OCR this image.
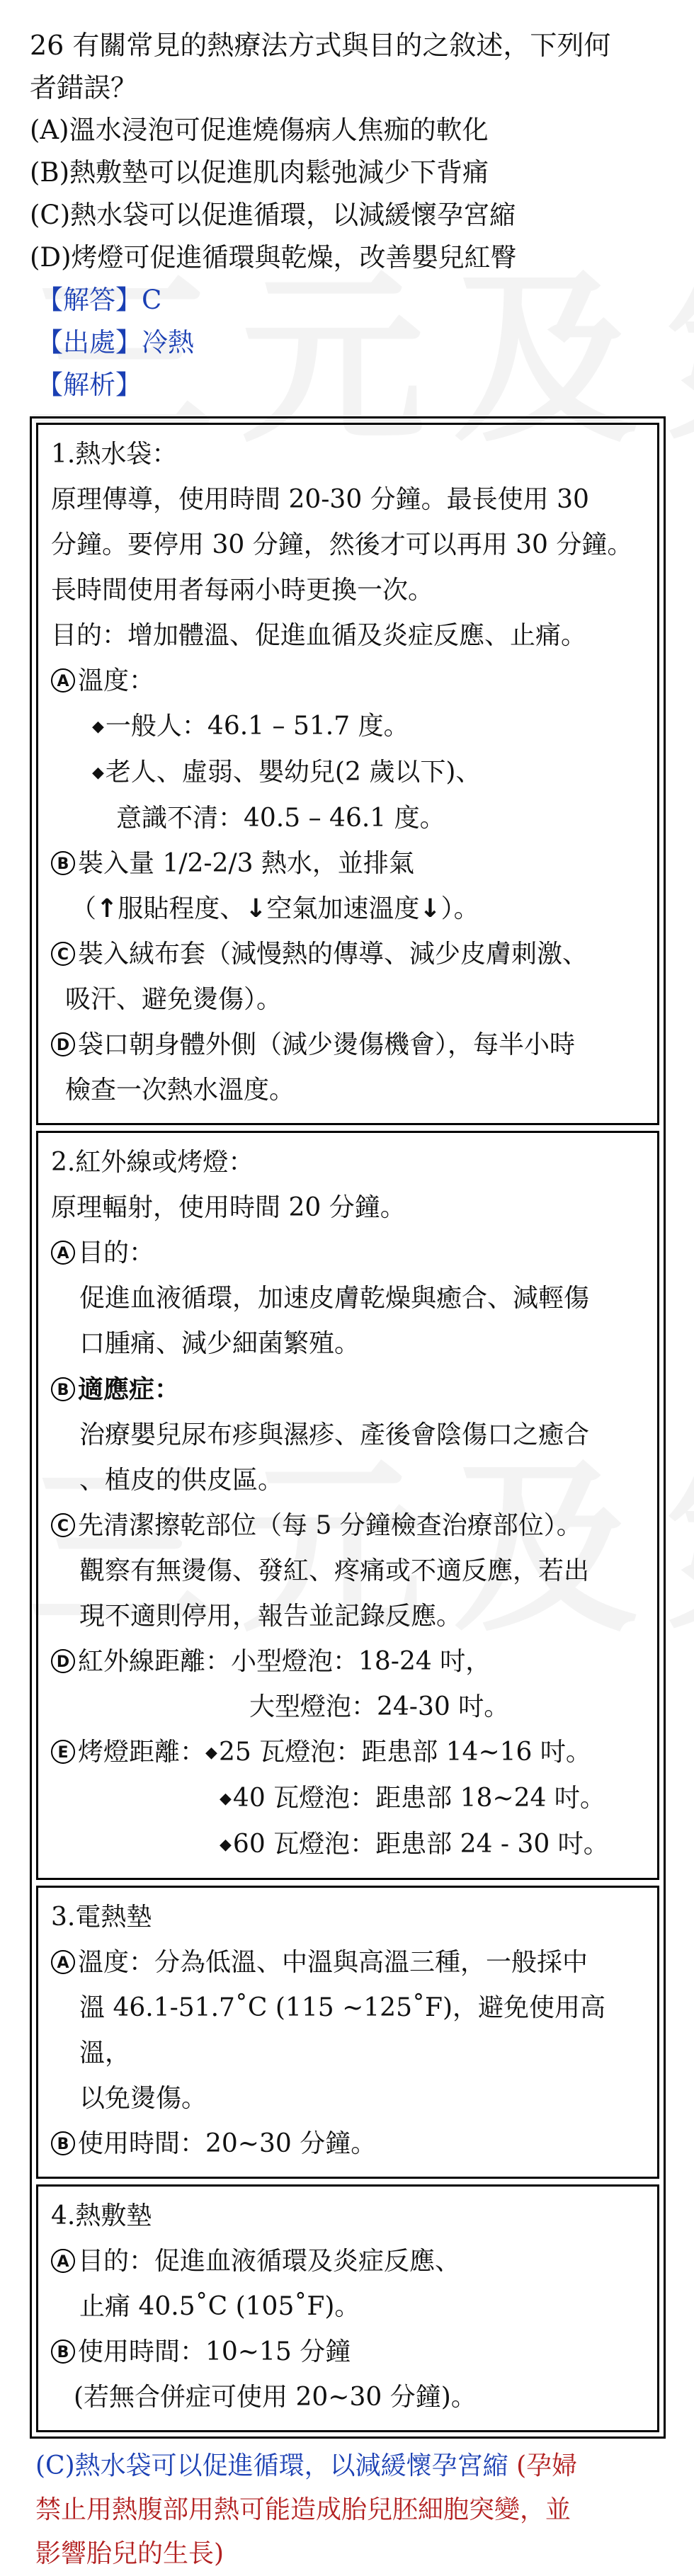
26 有關常見的熱療法方式與目的之敘述，下列何

者錯誤？

(A)溫水浸泡可促進燒傷病人焦痂的軟化

(B)熱敷墊可以促進肌肉鬆弛減少下背痛

(C)熱水袋可以促進循環，以減緩懷孕宮縮

(D)烤燈可促進循環與乾燥，改善嬰兒紅臀

【解答】C

【出處】冷熱

【解析】

1.熱水袋：

原理傳導，使用時間 20-30 分鐘。最長使用 30

分鐘。要停用 30 分鐘，然後才可以再用 30 分鐘。

長時間使用者每兩小時更換一次。

目的：增加體溫、促進血循及炎症反應、止痛。

A 溫度：

◆一般人：46.1 – 51.7 度。

◆老人、虛弱、嬰幼兒(2 歲以下)、

意識不清：40.5 – 46.1 度。

B 裝入量 1/2-2/3 熱水，並排氣

（↑服貼程度、↓空氣加速溫度↓）。

C 裝入絨布套（減慢熱的傳導、減少皮膚刺激、

吸汗、避免燙傷）。

D 袋口朝身體外側（減少燙傷機會），每半小時

檢查一次熱水溫度。

2.紅外線或烤燈：

原理輻射，使用時間 20 分鐘。

A 目的：

促進血液循環，加速皮膚乾燥與癒合、減輕傷

口腫痛、減少細菌繁殖。

B 適應症：

治療嬰兒尿布疹與濕疹、產後會陰傷口之癒合

、植皮的供皮區。

C 先清潔擦乾部位（每 5 分鐘檢查治療部位）。

觀察有無燙傷、發紅、疼痛或不適反應，若出

現不適則停用，報告並記錄反應。

D 紅外線距離：小型燈泡：18-24 吋，

大型燈泡：24-30 吋。

E 烤燈距離：◆25 瓦燈泡：距患部 14~16 吋。

◆40 瓦燈泡：距患部 18~24 吋。

◆60 瓦燈泡：距患部 24 - 30 吋。

3.電熱墊

A 溫度：分為低溫、中溫與高溫三種，一般採中

溫 46.1-51.7˚C (115 ~125˚F)，避免使用高溫，

以免燙傷。

B 使用時間：20~30 分鐘。

4.熱敷墊

A 目的：促進血液循環及炎症反應、

止痛 40.5˚C (105˚F)。

B 使用時間：10~15 分鐘

(若無合併症可使用 20~30 分鐘)。

(C)熱水袋可以促進循環，以減緩懷孕宮縮 (孕婦
禁止用熱腹部用熱可能造成胎兒胚細胞突變，並
影響胎兒的生長)
